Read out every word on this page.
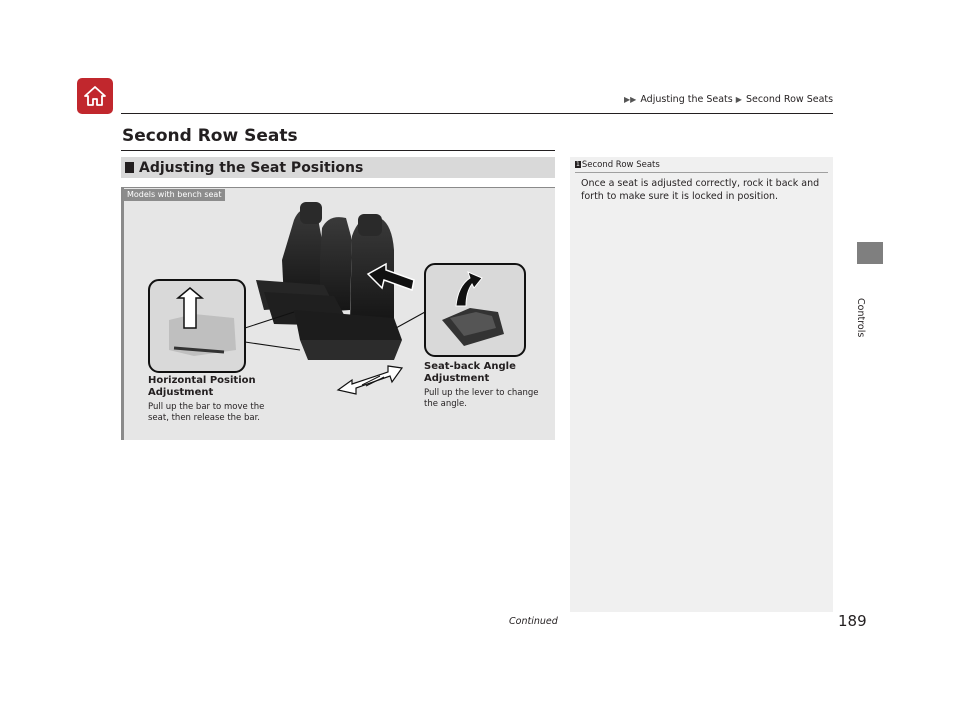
▶▶ Adjusting the Seats ▶ Second Row Seats
Second Row Seats
Adjusting the Seat Positions
Models with bench seat
Horizontal Position Adjustment
Pull up the bar to move the
seat, then release the bar.
Seat-back Angle
Adjustment
Pull up the lever to change
the angle.
1 Second Row Seats
Once a seat is adjusted correctly, rock it back and
forth to make sure it is locked in position.
Controls
Continued	189
